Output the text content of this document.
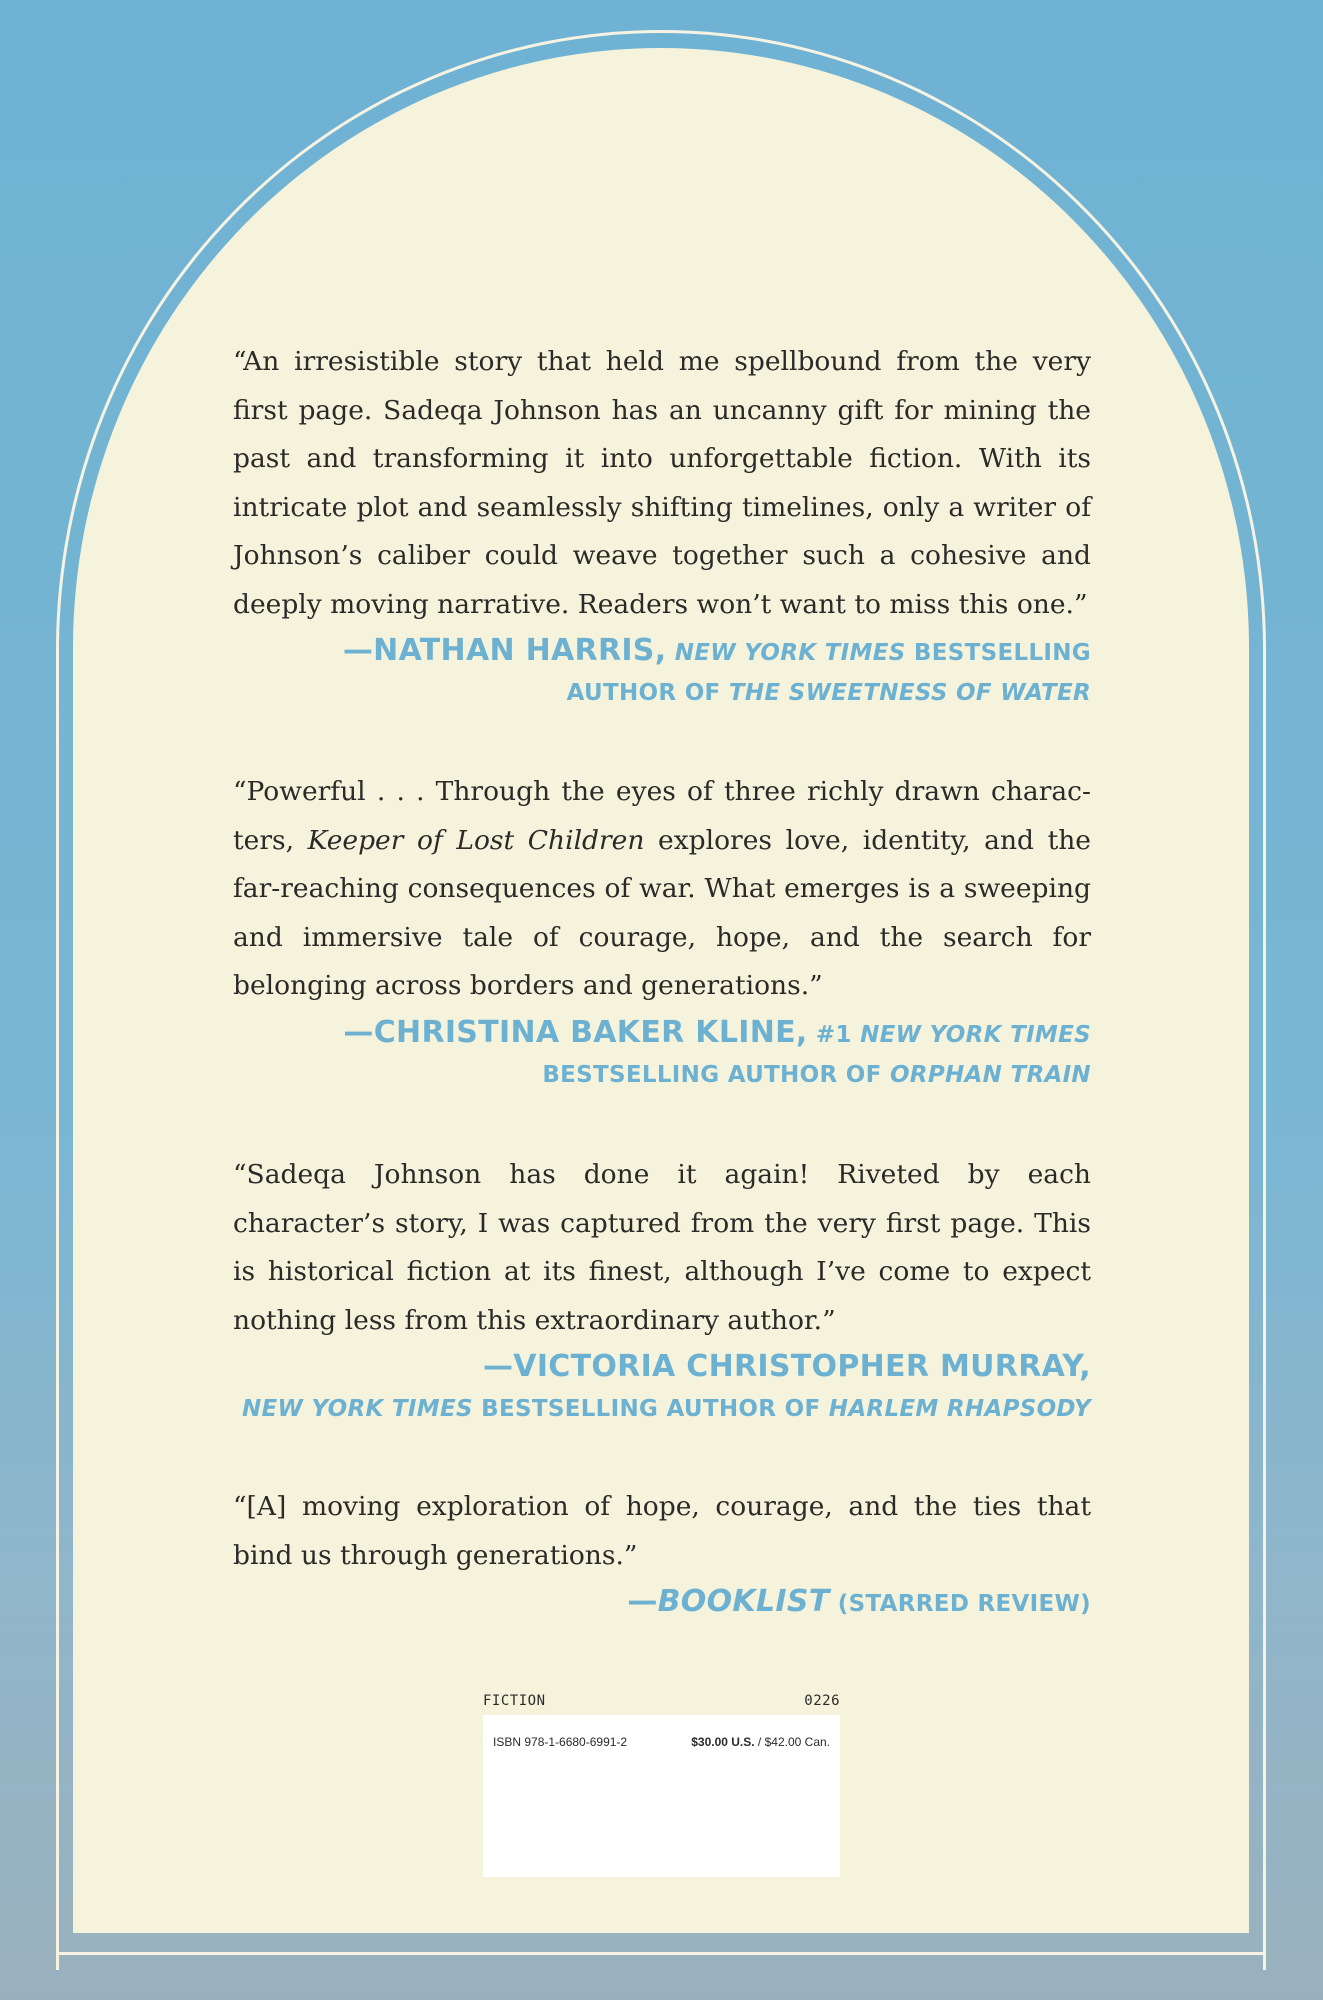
“An irresistible story that held me spellbound from the very first page. Sadeqa Johnson has an uncanny gift for mining the past and transforming it into unforgettable fiction. With its intricate plot and seamlessly shifting timelines, only a writer of Johnson’s caliber could weave together such a cohesive and deeply moving narrative. Readers won’t want to miss this one.”

—NATHAN HARRIS, NEW YORK TIMES BESTSELLING
AUTHOR OF THE SWEETNESS OF WATER

“Powerful . . . Through the eyes of three richly drawn characters, Keeper of Lost Children explores love, identity, and the far-reaching consequences of war. What emerges is a sweeping and immersive tale of courage, hope, and the search for belonging across borders and generations.”

—CHRISTINA BAKER KLINE, #1 NEW YORK TIMES
BESTSELLING AUTHOR OF ORPHAN TRAIN

“Sadeqa Johnson has done it again! Riveted by each character’s story, I was captured from the very first page. This is historical fiction at its finest, although I’ve come to expect nothing less from this extraordinary author.”

—VICTORIA CHRISTOPHER MURRAY,
NEW YORK TIMES BESTSELLING AUTHOR OF HARLEM RHAPSODY

“[A] moving exploration of hope, courage, and the ties that bind us through generations.”

—BOOKLIST (STARRED REVIEW)

FICTION	0226
ISBN 978-1-6680-6991-2	$30.00 U.S. / $42.00 Can.
